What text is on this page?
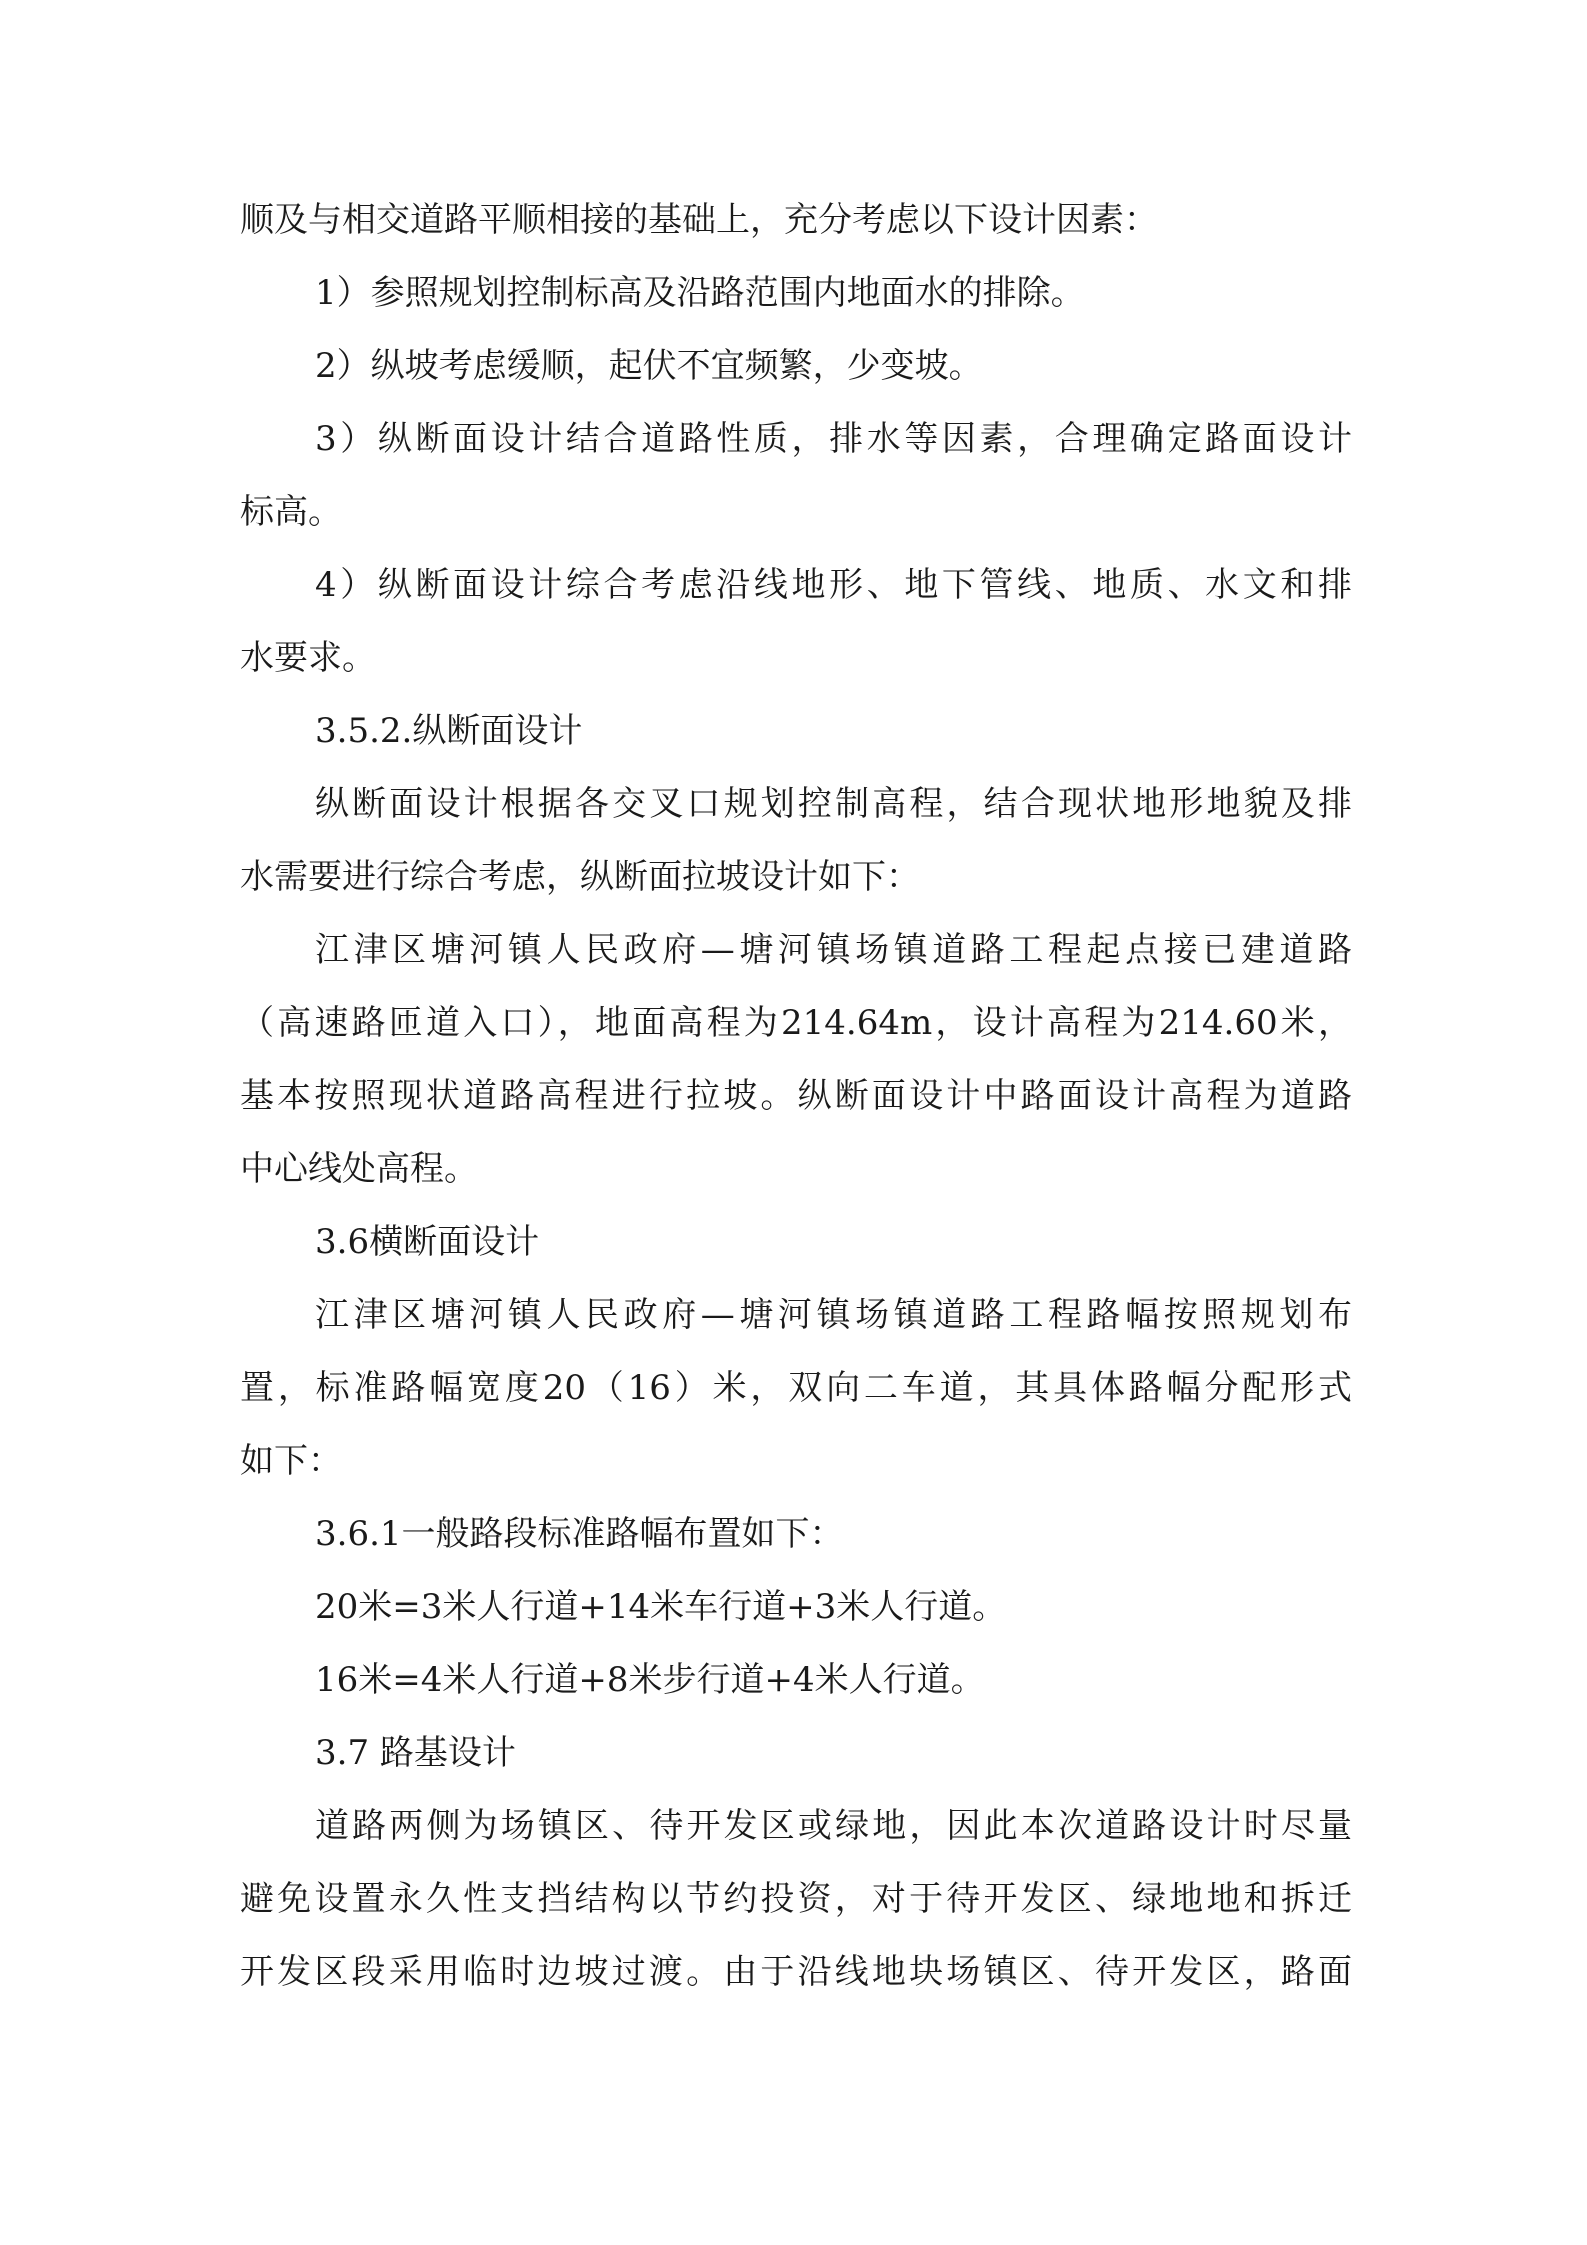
顺及与相交道路平顺相接的基础上，充分考虑以下设计因素：
1）参照规划控制标高及沿路范围内地面水的排除。
2）纵坡考虑缓顺，起伏不宜频繁，少变坡。
3）纵断面设计结合道路性质，排水等因素，合理确定路面设计
标高。
4）纵断面设计综合考虑沿线地形、地下管线、地质、水文和排
水要求。
3.5.2.纵断面设计
纵断面设计根据各交叉口规划控制高程，结合现状地形地貌及排
水需要进行综合考虑，纵断面拉坡设计如下：
江津区塘河镇人民政府—塘河镇场镇道路工程起点接已建道路
（高速路匝道入口），地面高程为214.64m，设计高程为214.60米，
基本按照现状道路高程进行拉坡。纵断面设计中路面设计高程为道路
中心线处高程。
3.6横断面设计
江津区塘河镇人民政府—塘河镇场镇道路工程路幅按照规划布
置，标准路幅宽度20（16）米，双向二车道，其具体路幅分配形式
如下：
3.6.1一般路段标准路幅布置如下：
20米=3米人行道+14米车行道+3米人行道。
16米=4米人行道+8米步行道+4米人行道。
3.7 路基设计
道路两侧为场镇区、待开发区或绿地，因此本次道路设计时尽量
避免设置永久性支挡结构以节约投资，对于待开发区、绿地地和拆迁
开发区段采用临时边坡过渡。由于沿线地块场镇区、待开发区，路面
